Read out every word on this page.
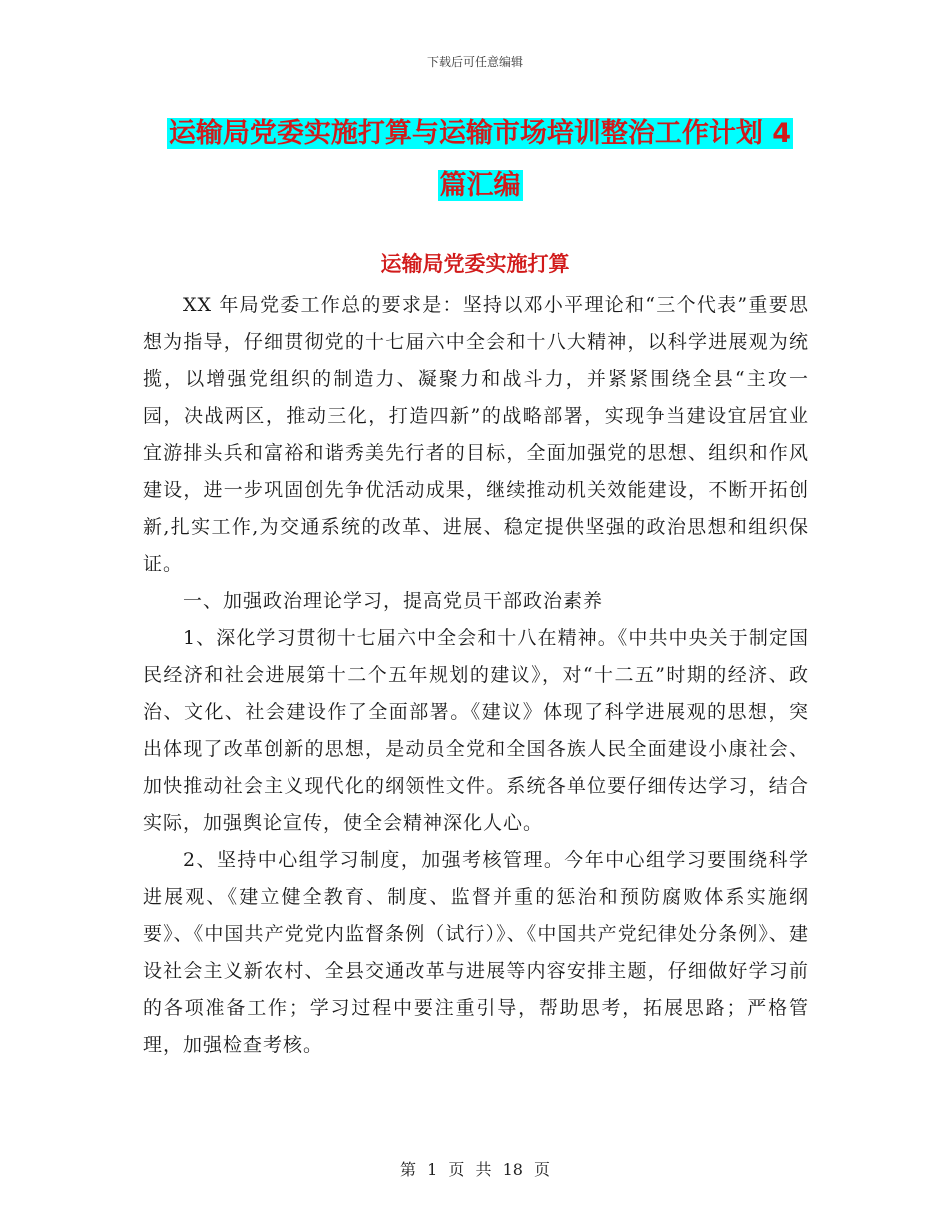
下载后可任意编辑
运输局党委实施打算与运输市场培训整治工作计划 4
篇汇编
运输局党委实施打算

XX 年局党委工作总的要求是：坚持以邓小平理论和“三个代表”重要思想为指导，仔细贯彻党的十七届六中全会和十八大精神，以科学进展观为统揽，以增强党组织的制造力、凝聚力和战斗力，并紧紧围绕全县“主攻一园，决战两区，推动三化，打造四新”的战略部署，实现争当建设宜居宜业宜游排头兵和富裕和谐秀美先行者的目标，全面加强党的思想、组织和作风建设，进一步巩固创先争优活动成果，继续推动机关效能建设，不断开拓创新,扎实工作,为交通系统的改革、进展、稳定提供坚强的政治思想和组织保证。

一、加强政治理论学习，提高党员干部政治素养

1、深化学习贯彻十七届六中全会和十八在精神。《中共中央关于制定国民经济和社会进展第十二个五年规划的建议》，对“十二五”时期的经济、政治、文化、社会建设作了全面部署。《建议》体现了科学进展观的思想，突出体现了改革创新的思想，是动员全党和全国各族人民全面建设小康社会、加快推动社会主义现代化的纲领性文件。系统各单位要仔细传达学习，结合实际，加强舆论宣传，使全会精神深化人心。

2、坚持中心组学习制度，加强考核管理。今年中心组学习要围绕科学进展观、《建立健全教育、制度、监督并重的惩治和预防腐败体系实施纲要》、《中国共产党党内监督条例（试行）》、《中国共产党纪律处分条例》、建设社会主义新农村、全县交通改革与进展等内容安排主题，仔细做好学习前的各项准备工作；学习过程中要注重引导，帮助思考，拓展思路；严格管理，加强检查考核。

第 1 页 共 18 页
